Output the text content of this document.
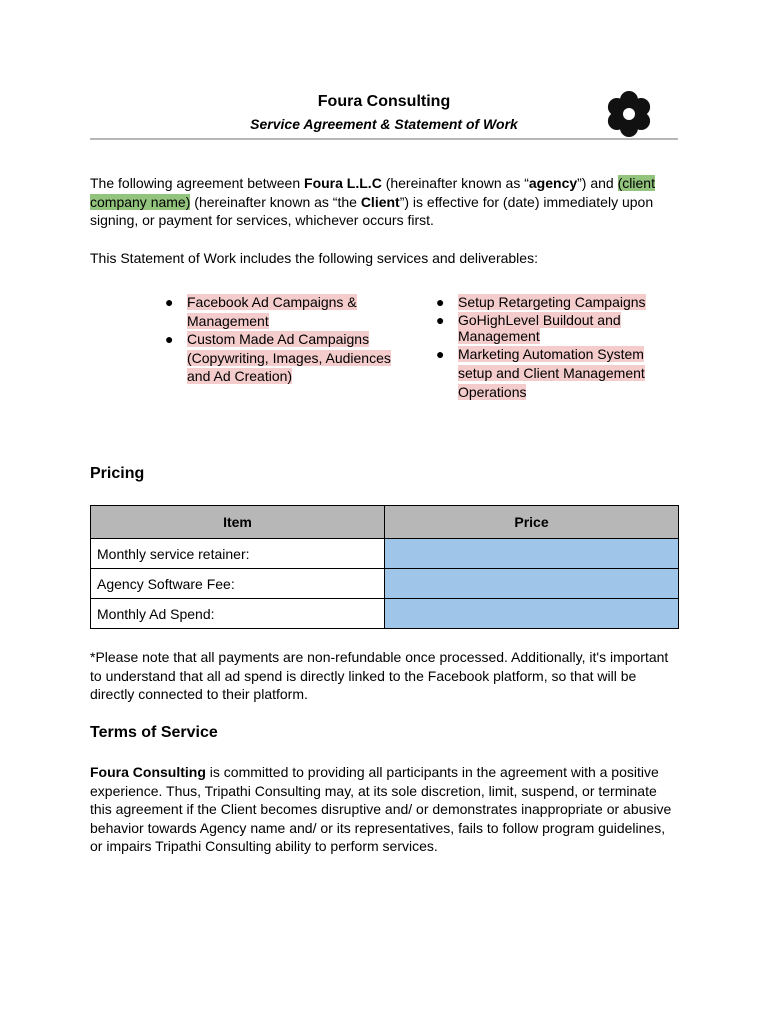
Foura Consulting
Service Agreement & Statement of Work

The following agreement between Foura L.L.C (hereinafter known as “agency”) and (client company name) (hereinafter known as “the Client”) is effective for (date) immediately upon signing, or payment for services, whichever occurs first.

This Statement of Work includes the following services and deliverables:

● Facebook Ad Campaigns & Management
● Custom Made Ad Campaigns (Copywriting, Images, Audiences and Ad Creation)
● Setup Retargeting Campaigns
● GoHighLevel Buildout and Management
● Marketing Automation System setup and Client Management Operations
Pricing
Item	Price
Monthly service retainer:	
Agency Software Fee:	
Monthly Ad Spend:	

*Please note that all payments are non-refundable once processed. Additionally, it's important to understand that all ad spend is directly linked to the Facebook platform, so that will be directly connected to their platform.

Terms of Service

Foura Consulting is committed to providing all participants in the agreement with a positive experience. Thus, Tripathi Consulting may, at its sole discretion, limit, suspend, or terminate this agreement if the Client becomes disruptive and/ or demonstrates inappropriate or abusive behavior towards Agency name and/ or its representatives, fails to follow program guidelines, or impairs Tripathi Consulting ability to perform services.
